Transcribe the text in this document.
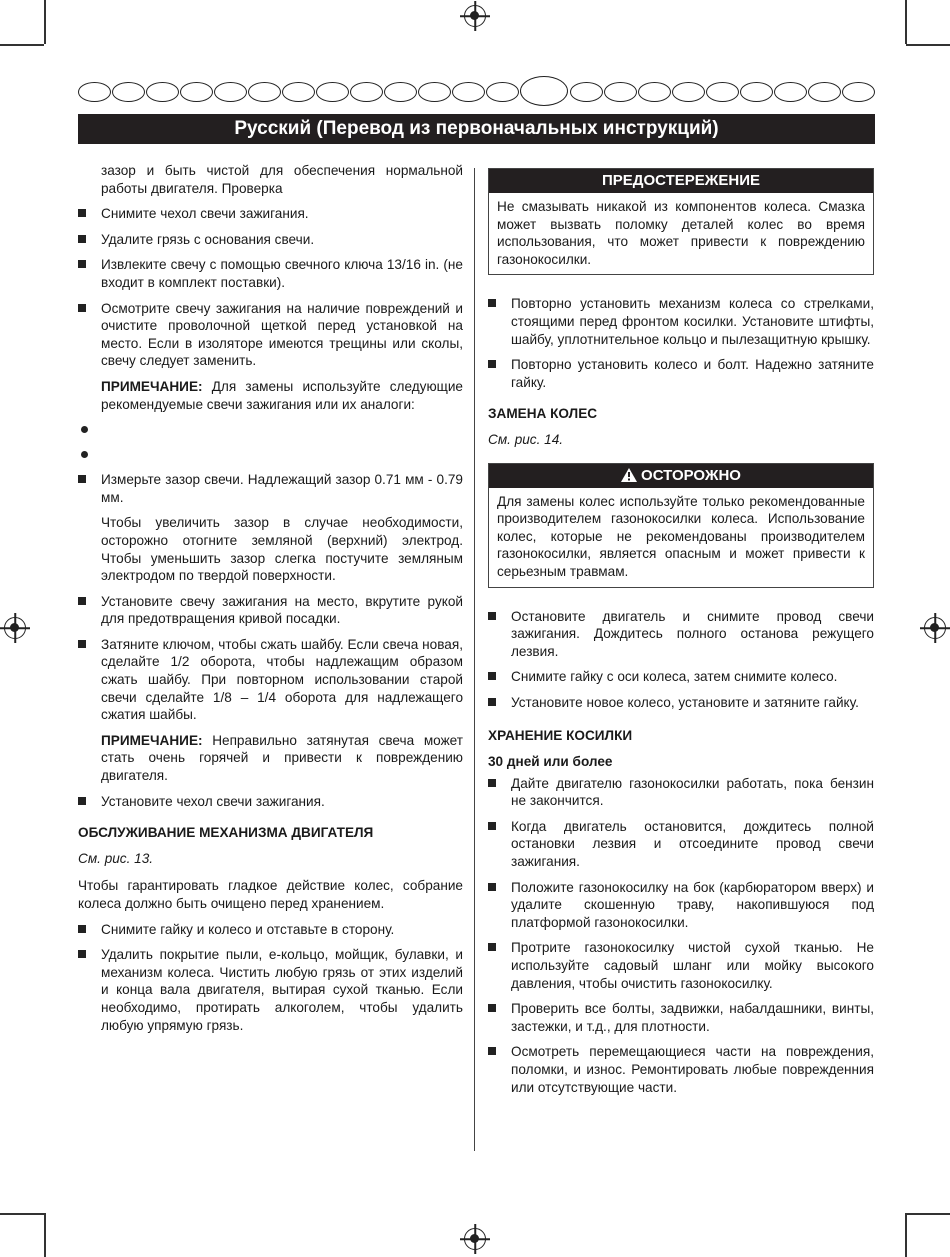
Русский (Перевод из первоначальных инструкций)

зазор и быть чистой для обеспечения нормальной работы двигателя. Проверка

Снимите чехол свечи зажигания.
Удалите грязь с основания свечи.
Извлеките свечу с помощью свечного ключа 13/16 in. (не входит в комплект поставки).
Осмотрите свечу зажигания на наличие повреждений и очистите проволочной щеткой перед установкой на место. Если в изоляторе имеются трещины или сколы, свечу следует заменить.

ПРИМЕЧАНИЕ: Для замены используйте следующие рекомендуемые свечи зажигания или их аналоги:

Измерьте зазор свечи. Надлежащий зазор 0.71 мм - 0.79 мм.

Чтобы увеличить зазор в случае необходимости, осторожно отогните земляной (верхний) электрод. Чтобы уменьшить зазор слегка постучите земляным электродом по твердой поверхности.

Установите свечу зажигания на место, вкрутите рукой для предотвращения кривой посадки.
Затяните ключом, чтобы сжать шайбу. Если свеча новая, сделайте 1/2 оборота, чтобы надлежащим образом сжать шайбу. При повторном использовании старой свечи сделайте 1/8 – 1/4 оборота для надлежащего сжатия шайбы.

ПРИМЕЧАНИЕ: Неправильно затянутая свеча может стать очень горячей и привести к повреждению двигателя.

Установите чехол свечи зажигания.
ОБСЛУЖИВАНИЕ МЕХАНИЗМА ДВИГАТЕЛЯ
См. рис. 13.

Чтобы гарантировать гладкое действие колес, собрание колеса должно быть очищено перед хранением.

Снимите гайку и колесо и отставьте в сторону.
Удалить покрытие пыли, е-кольцо, мойщик, булавки, и механизм колеса. Чистить любую грязь от этих изделий и конца вала двигателя, вытирая сухой тканью. Если необходимо, протирать алкоголем, чтобы удалить любую упрямую грязь.
ПРЕДОСТЕРЕЖЕНИЕ
Не смазывать никакой из компонентов колеса. Смазка может вызвать поломку деталей колес во время использования, что может привести к повреждению газонокосилки.
Повторно установить механизм колеса со стрелками, стоящими перед фронтом косилки. Установите штифты, шайбу, уплотнительное кольцо и пылезащитную крышку.
Повторно установить колесо и болт. Надежно затяните гайку.
ЗАМЕНА КОЛЕС
См. рис. 14.
ОСТОРОЖНО
Для замены колес используйте только рекомендованные производителем газонокосилки колеса. Использование колес, которые не рекомендованы производителем газонокосилки, является опасным и может привести к серьезным травмам.
Остановите двигатель и снимите провод свечи зажигания. Дождитесь полного останова режущего лезвия.
Снимите гайку с оси колеса, затем снимите колесо.
Установите новое колесо, установите и затяните гайку.
ХРАНЕНИЕ КОСИЛКИ
30 дней или более
Дайте двигателю газонокосилки работать, пока бензин не закончится.
Когда двигатель остановится, дождитесь полной остановки лезвия и отсоедините провод свечи зажигания.
Положите газонокосилку на бок (карбюратором вверх) и удалите скошенную траву, накопившуюся под платформой газонокосилки.
Протрите газонокосилку чистой сухой тканью. Не используйте садовый шланг или мойку высокого давления, чтобы очистить газонокосилку.
Проверить все болты, задвижки, набалдашники, винты, застежки, и т.д., для плотности.
Осмотреть перемещающиеся части на повреждения, поломки, и износ. Ремонтировать любые поврежденния или отсутствующие части.
